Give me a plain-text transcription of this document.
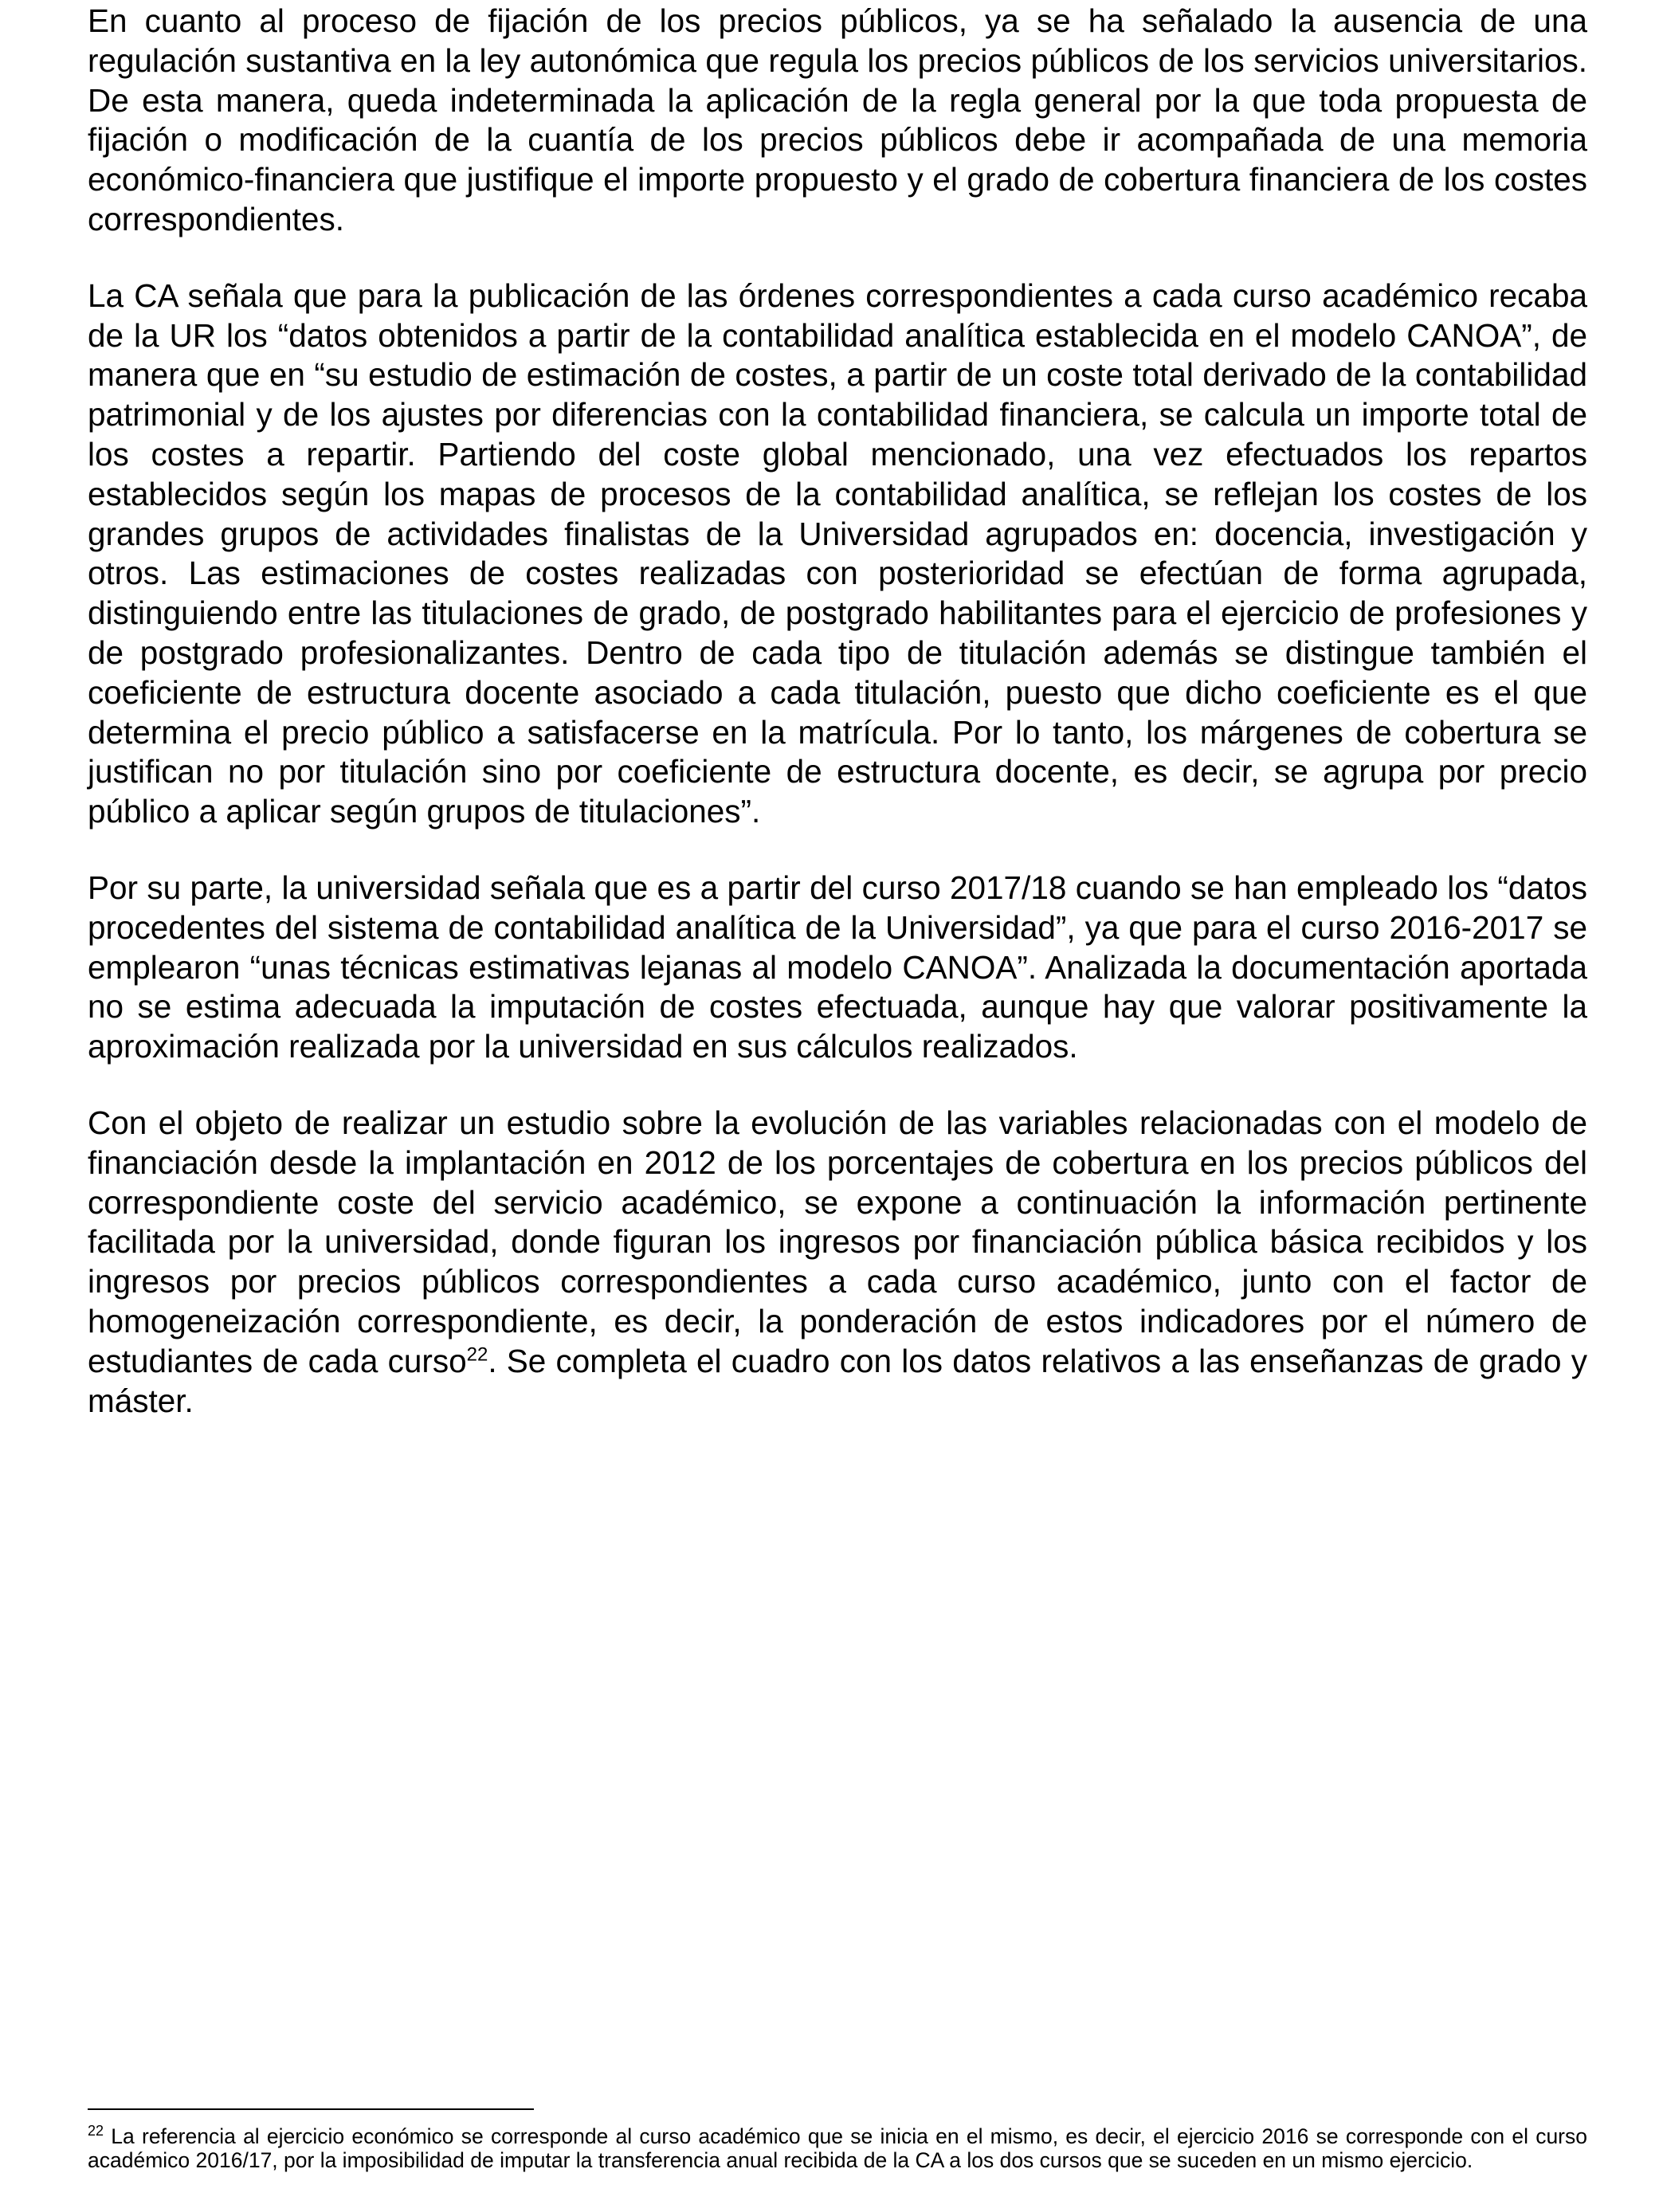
En cuanto al proceso de fijación de los precios públicos, ya se ha señalado la ausencia de una regulación sustantiva en la ley autonómica que regula los precios públicos de los servicios universitarios. De esta manera, queda indeterminada la aplicación de la regla general por la que toda propuesta de fijación o modificación de la cuantía de los precios públicos debe ir acompañada de una memoria económico-financiera que justifique el importe propuesto y el grado de cobertura financiera de los costes correspondientes.

La CA señala que para la publicación de las órdenes correspondientes a cada curso académico recaba de la UR los “datos obtenidos a partir de la contabilidad analítica establecida en el modelo CANOA”, de manera que en “su estudio de estimación de costes, a partir de un coste total derivado de la contabilidad patrimonial y de los ajustes por diferencias con la contabilidad financiera, se calcula un importe total de los costes a repartir. Partiendo del coste global mencionado, una vez efectuados los repartos establecidos según los mapas de procesos de la contabilidad analítica, se reflejan los costes de los grandes grupos de actividades finalistas de la Universidad agrupados en: docencia, investigación y otros. Las estimaciones de costes realizadas con posterioridad se efectúan de forma agrupada, distinguiendo entre las titulaciones de grado, de postgrado habilitantes para el ejercicio de profesiones y de postgrado profesionalizantes. Dentro de cada tipo de titulación además se distingue también el coeficiente de estructura docente asociado a cada titulación, puesto que dicho coeficiente es el que determina el precio público a satisfacerse en la matrícula. Por lo tanto, los márgenes de cobertura se justifican no por titulación sino por coeficiente de estructura docente, es decir, se agrupa por precio público a aplicar según grupos de titulaciones”.

Por su parte, la universidad señala que es a partir del curso 2017/18 cuando se han empleado los “datos procedentes del sistema de contabilidad analítica de la Universidad”, ya que para el curso 2016-2017 se emplearon “unas técnicas estimativas lejanas al modelo CANOA”. Analizada la documentación aportada no se estima adecuada la imputación de costes efectuada, aunque hay que valorar positivamente la aproximación realizada por la universidad en sus cálculos realizados.

Con el objeto de realizar un estudio sobre la evolución de las variables relacionadas con el modelo de financiación desde la implantación en 2012 de los porcentajes de cobertura en los precios públicos del correspondiente coste del servicio académico, se expone a continuación la información pertinente facilitada por la universidad, donde figuran los ingresos por financiación pública básica recibidos y los ingresos por precios públicos correspondientes a cada curso académico, junto con el factor de homogeneización correspondiente, es decir, la ponderación de estos indicadores por el número de estudiantes de cada curso$^{22}$. Se completa el cuadro con los datos relativos a las enseñanzas de grado y máster.

$^{22}$ La referencia al ejercicio económico se corresponde al curso académico que se inicia en el mismo, es decir, el ejercicio 2016 se corresponde con el curso académico 2016/17, por la imposibilidad de imputar la transferencia anual recibida de la CA a los dos cursos que se suceden en un mismo ejercicio.
